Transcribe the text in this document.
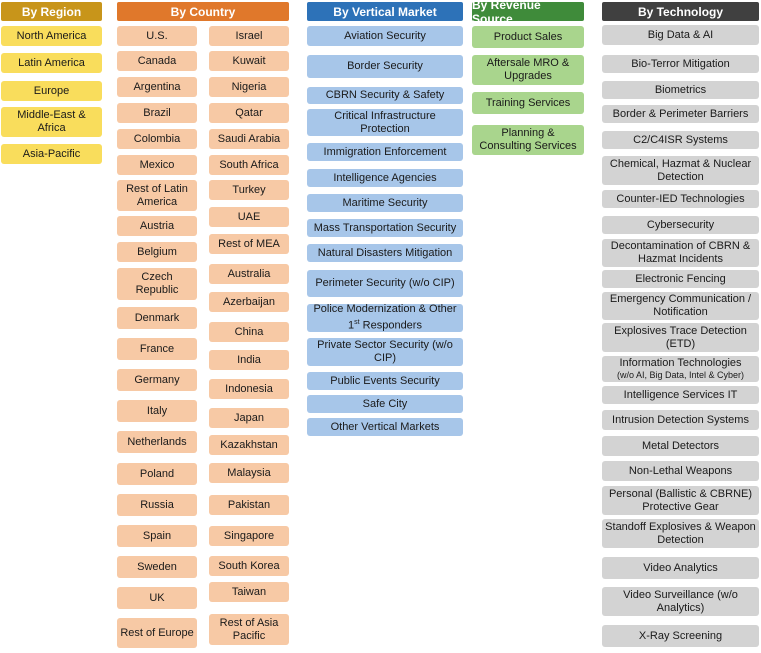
By Region
North America
Latin America
Europe
Middle-East & Africa
Asia-Pacific
By Country
U.S.
Canada
Argentina
Brazil
Colombia
Mexico
Rest of Latin America
Austria
Belgium
Czech Republic
Denmark
France
Germany
Italy
Netherlands
Poland
Russia
Spain
Sweden
UK
Rest of Europe
Israel
Kuwait
Nigeria
Qatar
Saudi Arabia
South Africa
Turkey
UAE
Rest of MEA
Australia
Azerbaijan
China
India
Indonesia
Japan
Kazakhstan
Malaysia
Pakistan
Singapore
South Korea
Taiwan
Rest of Asia Pacific
By Vertical Market
Aviation Security
Border Security
CBRN Security & Safety
Critical Infrastructure Protection
Immigration Enforcement
Intelligence Agencies
Maritime Security
Mass Transportation Security
Natural Disasters Mitigation
Perimeter Security (w/o CIP)
Police Modernization & Other 1st Responders
Private Sector Security (w/o CIP)
Public Events Security
Safe City
Other Vertical Markets
By Revenue Source
Product Sales
Aftersale MRO & Upgrades
Training Services
Planning & Consulting Services
By Technology
Big Data & AI
Bio-Terror Mitigation
Biometrics
Border & Perimeter Barriers
C2/C4ISR Systems
Chemical, Hazmat & Nuclear Detection
Counter-IED Technologies
Cybersecurity
Decontamination of CBRN & Hazmat Incidents
Electronic Fencing
Emergency Communication / Notification
Explosives Trace Detection (ETD)
Information Technologies
(w/o AI, Big Data, Intel & Cyber)
Intelligence Services IT
Intrusion Detection Systems
Metal Detectors
Non-Lethal Weapons
Personal (Ballistic & CBRNE) Protective Gear
Standoff Explosives & Weapon Detection
Video Analytics
Video Surveillance (w/o Analytics)
X-Ray Screening
